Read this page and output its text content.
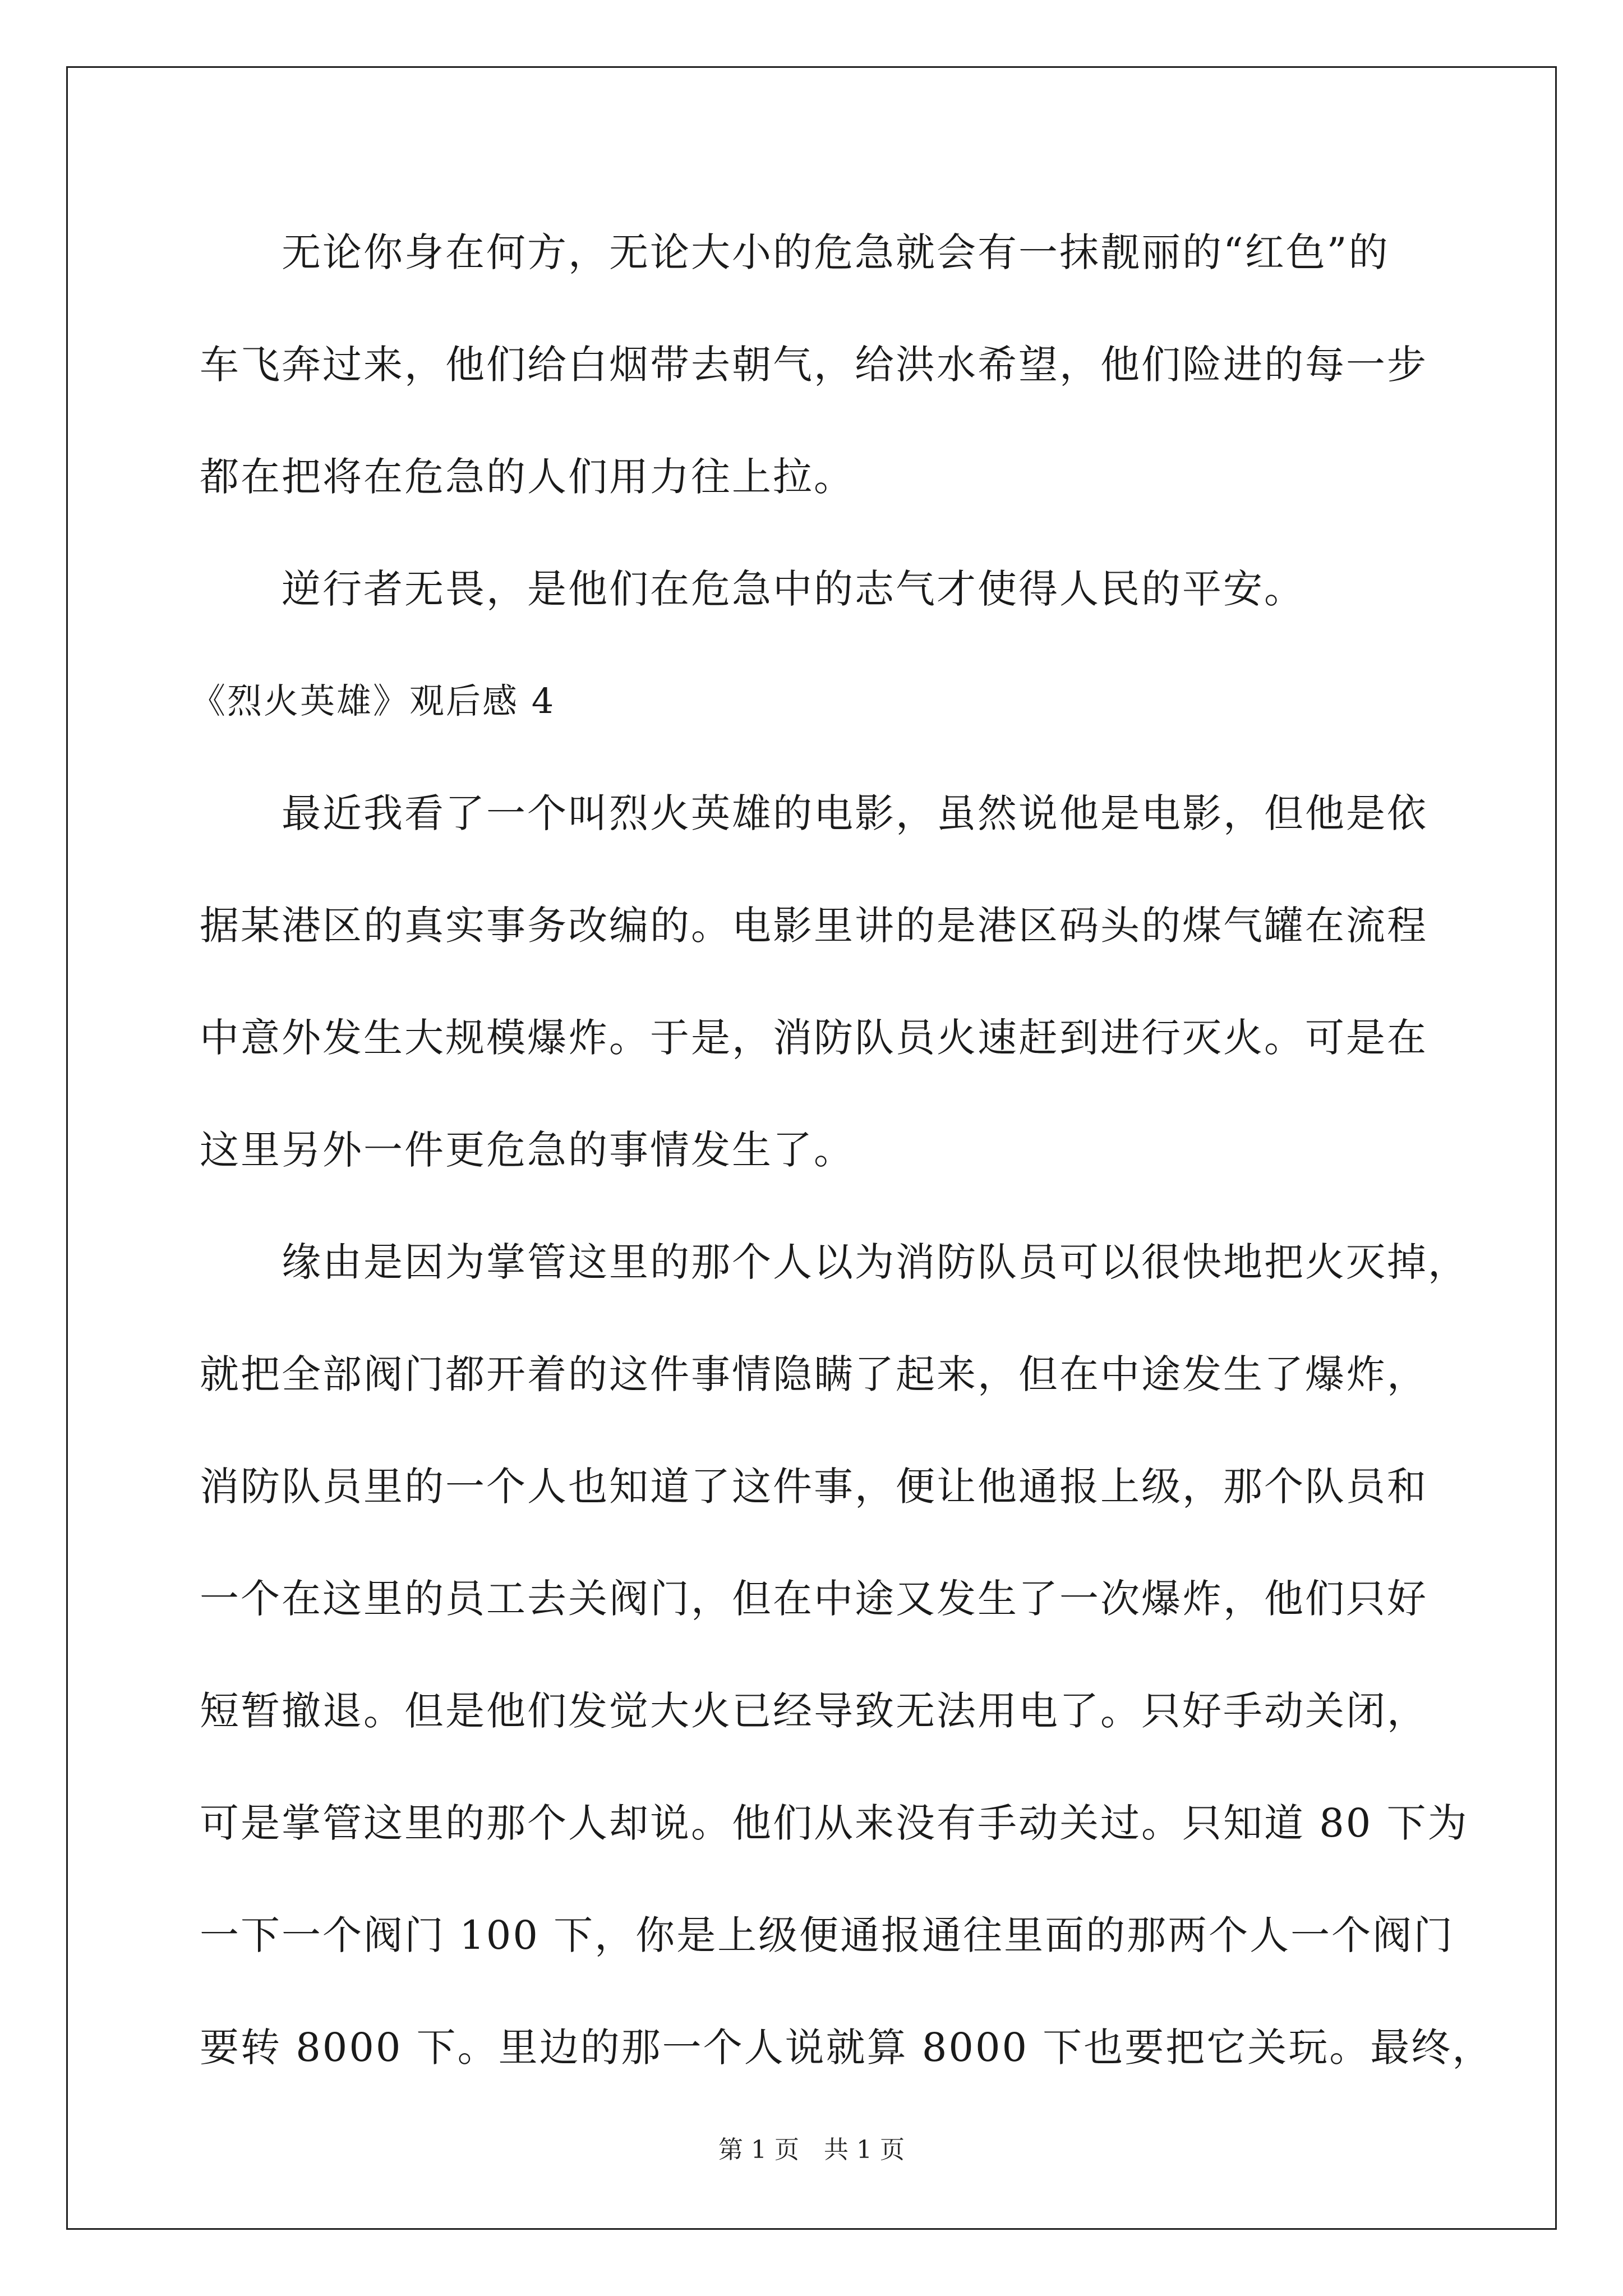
无论你身在何方，无论大小的危急就会有一抹靓丽的“红色”的
车飞奔过来，他们给白烟带去朝气，给洪水希望，他们险进的每一步
都在把将在危急的人们用力往上拉。
逆行者无畏，是他们在危急中的志气才使得人民的平安。
《烈火英雄》观后感 4
最近我看了一个叫烈火英雄的电影，虽然说他是电影，但他是依
据某港区的真实事务改编的。电影里讲的是港区码头的煤气罐在流程
中意外发生大规模爆炸。于是，消防队员火速赶到进行灭火。可是在
这里另外一件更危急的事情发生了。
缘由是因为掌管这里的那个人以为消防队员可以很快地把火灭掉，
就把全部阀门都开着的这件事情隐瞒了起来，但在中途发生了爆炸，
消防队员里的一个人也知道了这件事，便让他通报上级，那个队员和
一个在这里的员工去关阀门，但在中途又发生了一次爆炸，他们只好
短暂撤退。但是他们发觉大火已经导致无法用电了。只好手动关闭，
可是掌管这里的那个人却说。他们从来没有手动关过。只知道 80 下为
一下一个阀门 100 下，你是上级便通报通往里面的那两个人一个阀门
要转 8000 下。里边的那一个人说就算 8000 下也要把它关玩。最终，
第 1 页　共 1 页
